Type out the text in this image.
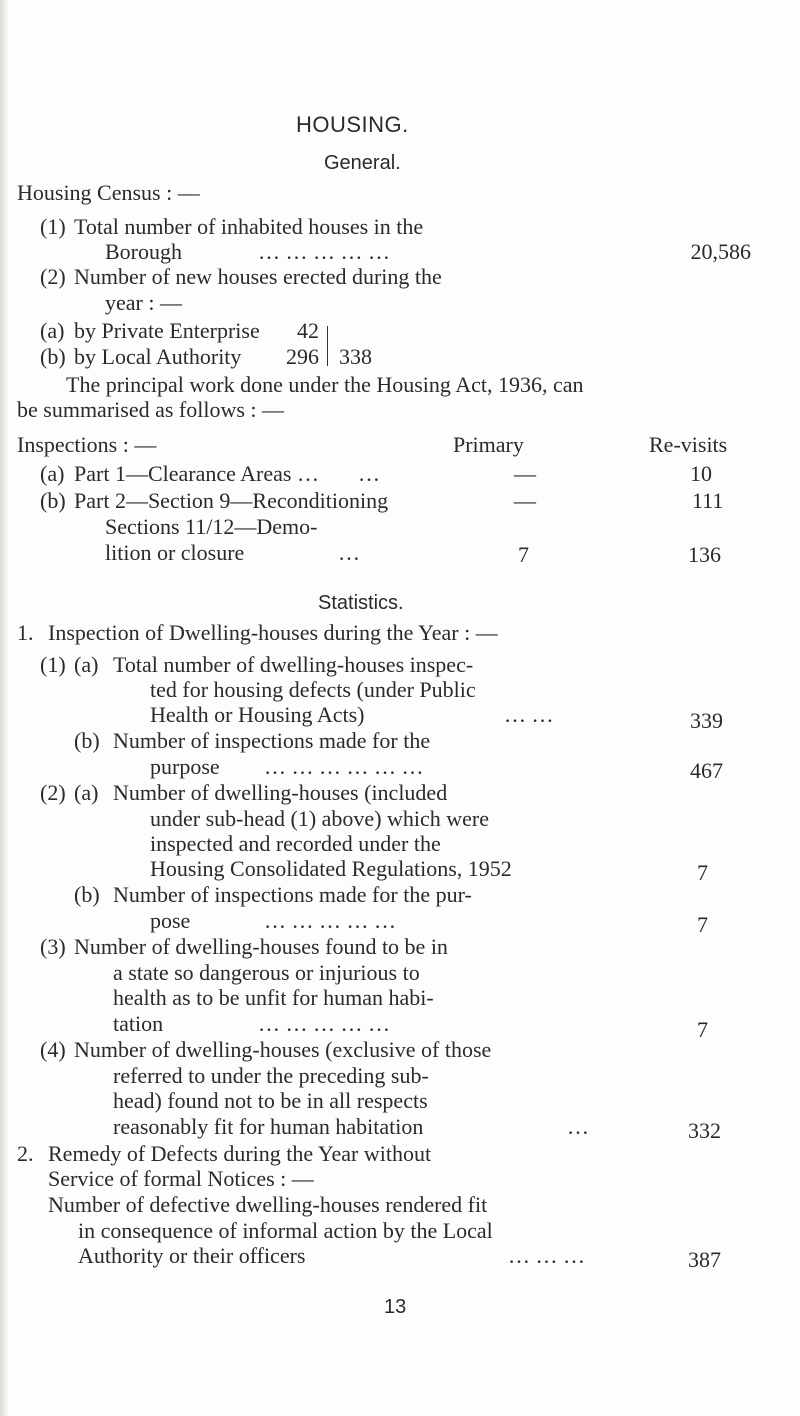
HOUSING.
General.
Housing Census : —
(1) Total number of inhabited houses in the
Borough	… … … … …	20,586
(2) Number of new houses erected during the
year : —
(a) by Private Enterprise	42
(b) by Local Authority	296 338
The principal work done under the Housing Act, 1936, can
be summarised as follows : —
Inspections : —	Primary	Re-visits
(a) Part 1—Clearance Areas … …	—	10
(b) Part 2—Section 9—Reconditioning	—	111
Sections 11/12—Demo-
lition or closure	…	7	136
Statistics.
1. Inspection of Dwelling-houses during the Year : —
(1) (a) Total number of dwelling-houses inspec-
ted for housing defects (under Public
Health or Housing Acts)	… …	339
(b) Number of inspections made for the
purpose … … … … … …	467
(2) (a) Number of dwelling-houses (included
under sub-head (1) above) which were
inspected and recorded under the
Housing Consolidated Regulations, 1952	7
(b) Number of inspections made for the pur-
pose	… … … … …	7
(3) Number of dwelling-houses found to be in
a state so dangerous or injurious to
health as to be unfit for human habi-
tation	… … … … …	7
(4) Number of dwelling-houses (exclusive of those
referred to under the preceding sub-
head) found not to be in all respects
reasonably fit for human habitation	…	332
2. Remedy of Defects during the Year without
Service of formal Notices : —
Number of defective dwelling-houses rendered fit
in consequence of informal action by the Local
Authority or their officers	… … …	387
13
